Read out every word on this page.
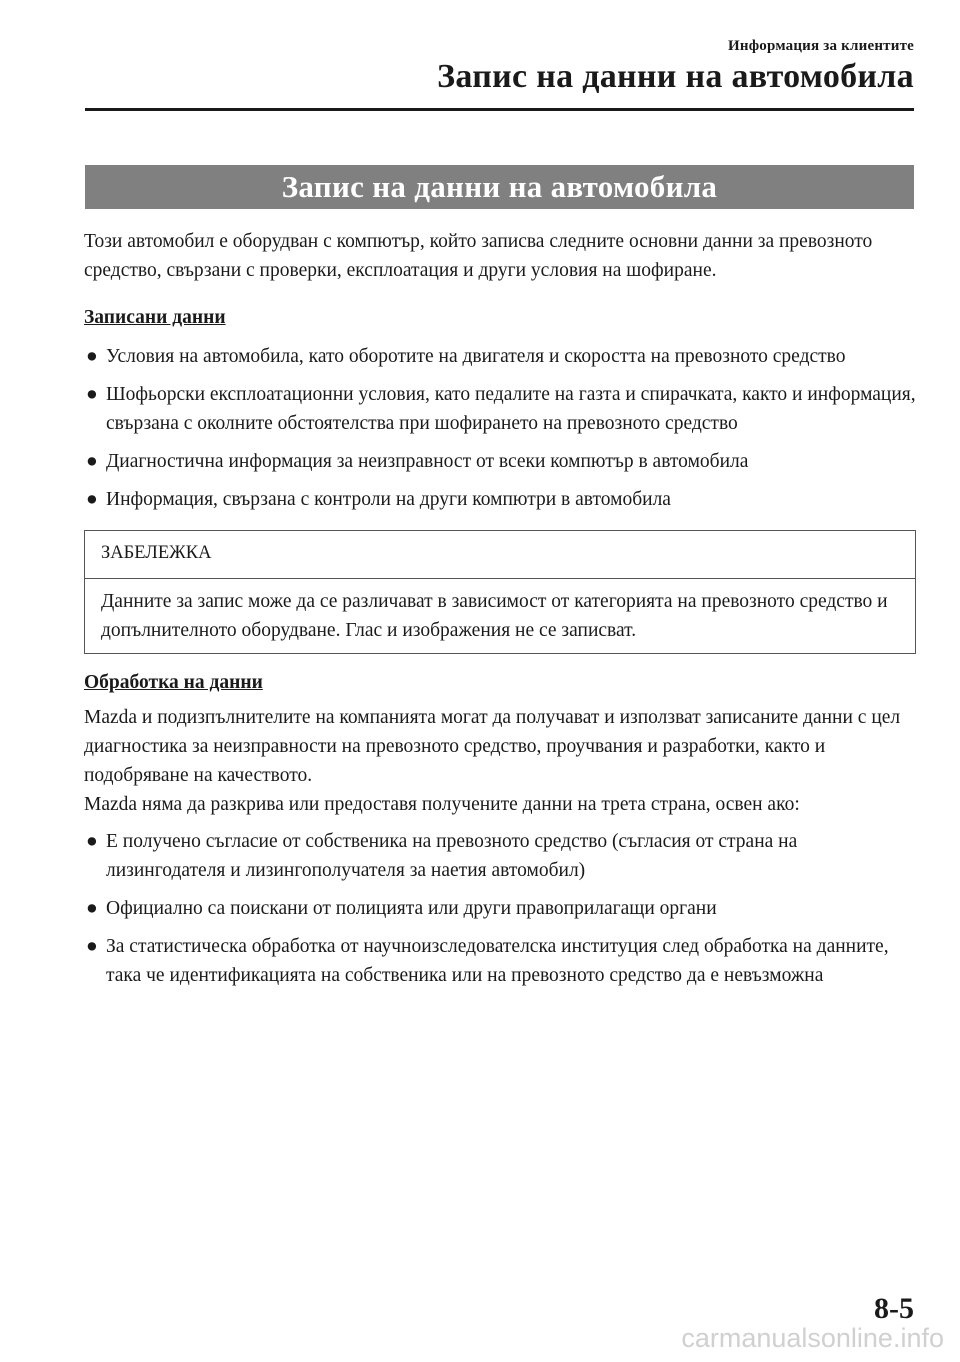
Информация за клиентите
Запис на данни на автомобила
Запис на данни на автомобила

Този автомобил е оборудван с компютър, който записва следните основни данни за превозното средство, свързани с проверки, експлоатация и други условия на шофиране.

Записани данни

● Условия на автомобила, като оборотите на двигателя и скоростта на превозното средство
● Шофьорски експлоатационни условия, като педалите на газта и спирачката, както и информация, свързана с околните обстоятелства при шофирането на превозното средство
● Диагностична информация за неизправност от всеки компютър в автомобила
● Информация, свързана с контроли на други компютри в автомобила
ЗАБЕЛЕЖКА
Данните за запис може да се различават в зависимост от категорията на превозното средство и допълнителното оборудване. Глас и изображения не се записват.

Обработка на данни

Mazda и подизпълнителите на компанията могат да получават и използват записаните данни с цел диагностика за неизправности на превозното средство, проучвания и разработки, както и подобряване на качеството.

Mazda няма да разкрива или предоставя получените данни на трета страна, освен ако:

● Е получено съгласие от собственика на превозното средство (съгласия от страна на лизингодателя и лизингополучателя за наетия автомобил)
● Официално са поискани от полицията или други правоприлагащи органи
● За статистическа обработка от научноизследователска институция след обработка на данните, така че идентификацията на собственика или на превозното средство да е невъзможна
8-5
carmanualsonline.info
